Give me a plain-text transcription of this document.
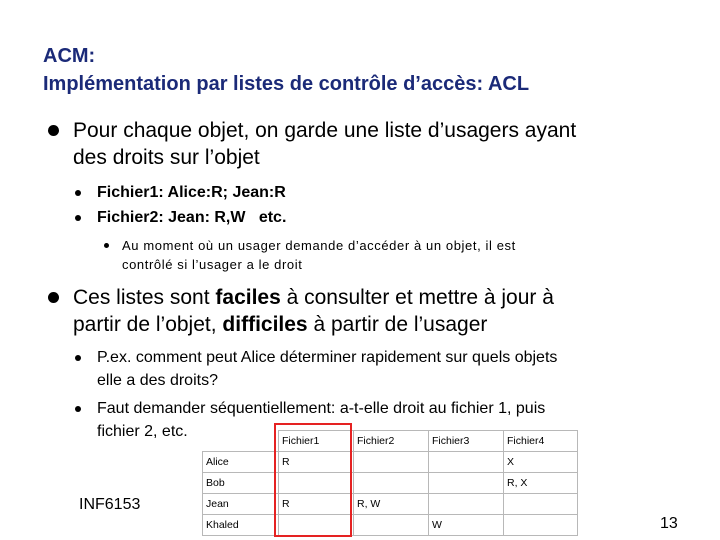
ACM:
Implémentation par listes de contrôle d’accès: ACL
Pour chaque objet, on garde une liste d’usagers ayant
des droits sur l’objet
Fichier1: Alice:R; Jean:R
Fichier2: Jean: R,W   etc.
Au moment où un usager demande d’accéder à un objet, il est
contrôlé si l’usager a le droit
Ces listes sont faciles à consulter et mettre à jour à
partir de l’objet, difficiles à partir de l’usager
P.ex. comment peut Alice déterminer rapidement sur quels objets
elle a des droits?
Faut demander séquentiellement: a-t-elle droit au fichier 1, puis
fichier 2, etc.
	Fichier1	Fichier2	Fichier3	Fichier4
Alice	R			X
Bob				R, X
Jean	R	R, W		
Khaled			W	
INF6153
13
